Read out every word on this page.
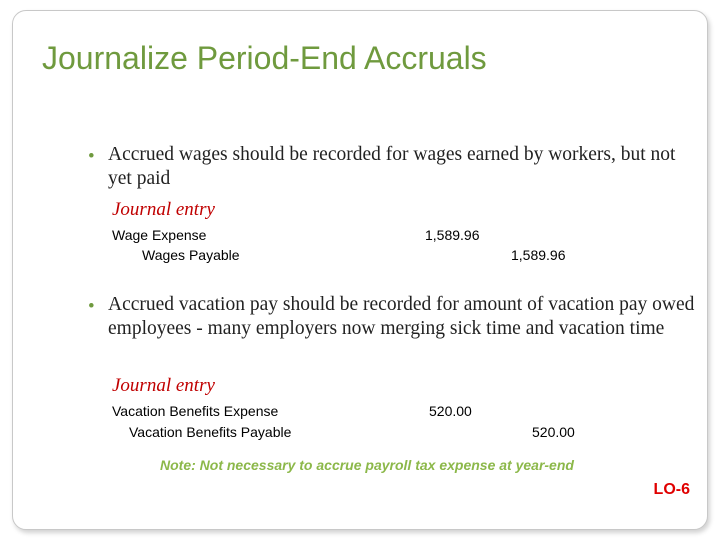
Journalize Period-End Accruals
• Accrued wages should be recorded for wages earned by workers, but not yet paid
Journal entry
Wage Expense	1,589.96
Wages Payable	1,589.96
• Accrued vacation pay should be recorded for amount of vacation pay owed employees - many employers now merging sick time and vacation time
Journal entry
Vacation Benefits Expense	520.00
Vacation Benefits Payable	520.00
Note: Not necessary to accrue payroll tax expense at year-end
LO-6
